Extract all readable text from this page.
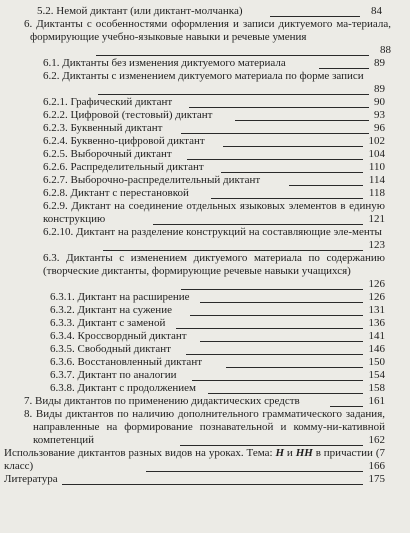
5.2. Немой диктант (или диктант-молчанка)	84
6. Диктанты с особенностями оформления и записи диктуемого ма-териала, формирующие учебно-языковые навыки и речевые умения
88
6.1. Диктанты без изменения диктуемого материала	89
6.2. Диктанты с изменением диктуемого материала по форме записи
89
6.2.1. Графический диктант	90
6.2.2. Цифровой (тестовый) диктант	93
6.2.3. Буквенный диктант	96
6.2.4. Буквенно-цифровой диктант	102
6.2.5. Выборочный диктант	104
6.2.6. Распределительный диктант	110
6.2.7. Выборочно-распределительный диктант	114
6.2.8. Диктант с перестановкой	118
6.2.9. Диктант на соединение отдельных языковых элементов в единую конструкцию	121
6.2.10. Диктант на разделение конструкций на составляющие эле-менты
123
6.3. Диктанты с изменением диктуемого материала по содержанию (творческие диктанты, формирующие речевые навыки учащихся)
126
6.3.1. Диктант на расширение	126
6.3.2. Диктант на сужение	131
6.3.3. Диктант с заменой	136
6.3.4. Кроссвордный диктант	141
6.3.5. Свободный диктант	146
6.3.6. Восстановленный диктант	150
6.3.7. Диктант по аналогии	154
6.3.8. Диктант с продолжением	158
7. Виды диктантов по применению дидактических средств	161
8. Виды диктантов по наличию дополнительного грамматического задания, направленные на формирование познавательной и комму-ни-кативной компетенций	162
Использование диктантов разных видов на уроках. Тема: Н и НН в причастии (7 класс)	166
Литература	175
